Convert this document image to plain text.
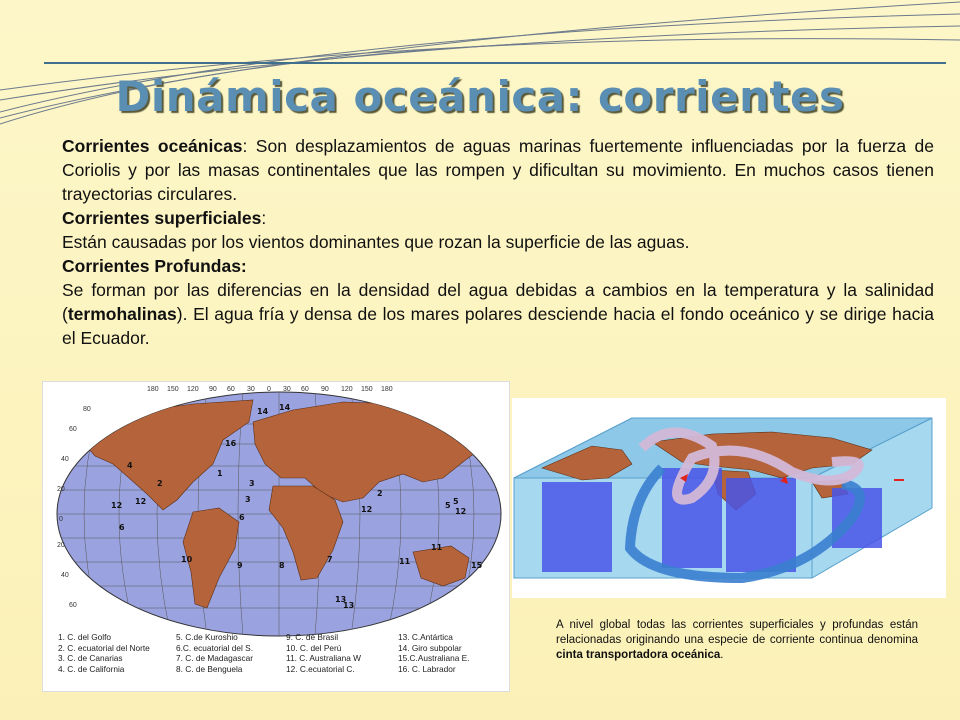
Dinámica oceánica: corrientes

Corrientes oceánicas: Son desplazamientos de aguas marinas fuertemente influenciadas por la fuerza de Coriolis y por las masas continentales que las rompen y dificultan su movimiento. En muchos casos tienen trayectorias circulares.

Corrientes superficiales:

Están causadas por los vientos dominantes que rozan la superficie de las aguas.

Corrientes Profundas:

Se forman por las diferencias en la densidad del agua debidas a cambios en la temperatura y la salinidad (termohalinas). El agua fría y densa de los mares polares desciende hacia el fondo oceánico y se dirige hacia el Ecuador.

14
16
1
3
4
2
12
6
5
10
9	8
7	11	15
13
14
5
12
12
12
2
3
6
11
13
180 150 120 90 60 30 0 30 60 90 120 150 180
80
60
40
20
0
20
40
60
1. C. del Golfo
2. C. ecuatorial del Norte
3. C. de Canarias
4. C. de California
5. C.de Kuroshio
6.C. ecuatorial del S.
7. C. de Madagascar
8. C. de Benguela
9. C. de Brasil
10. C. del Perú
11. C. Australiana W
12. C.ecuatorial C.
13. C.Antártica
14. Giro subpolar
15.C.Australiana E.
16. C. Labrador
A nivel global todas las corrientes superficiales y profundas están relacionadas originando una especie de corriente continua denomina cinta transportadora oceánica.
